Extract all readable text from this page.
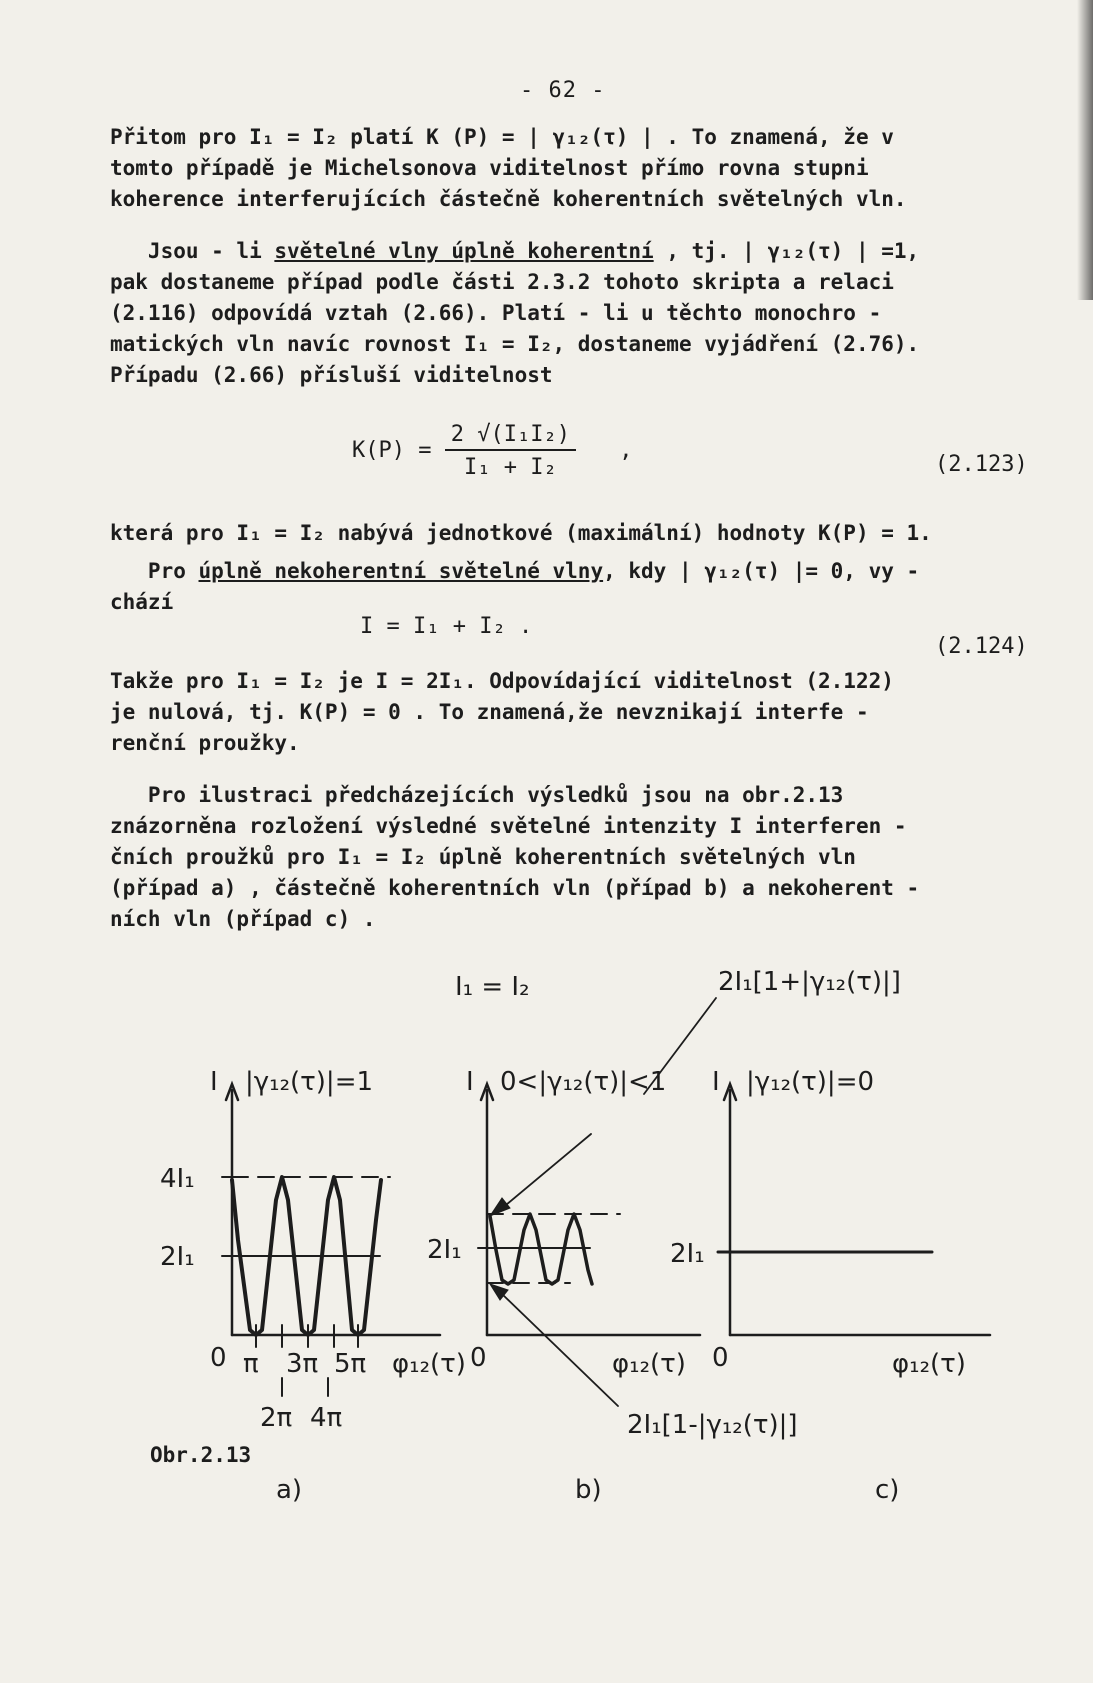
- 62 -
Přitom pro I₁ = I₂ platí K (P) = | γ₁₂(τ) | . To znamená, že v
tomto případě je Michelsonova viditelnost přímo rovna stupni
koherence interferujících částečně koherentních světelných vln.
Jsou - li světelné vlny úplně koherentní , tj. | γ₁₂(τ) | =1,
pak dostaneme případ podle části 2.3.2 tohoto skripta a relaci
(2.116) odpovídá vztah (2.66). Platí - li u těchto monochro -
matických vln navíc rovnost I₁ = I₂, dostaneme vyjádření (2.76).
Případu (2.66) přísluší viditelnost
$K(P) = \frac{\text{2 √(I₁I₂)}}{\text{I₁ + I₂}}$ ,
(2.123)
která pro I₁ = I₂ nabývá jednotkové (maximální) hodnoty K(P) = 1.
Pro úplně nekoherentní světelné vlny, kdy | γ₁₂(τ) |= 0, vy -
chází
I = I₁ + I₂ .
(2.124)
Takže pro I₁ = I₂ je I = 2I₁. Odpovídající viditelnost (2.122)
je nulová, tj. K(P) = 0 . To znamená,že nevznikají interfe -
renční proužky.
Pro ilustraci předcházejících výsledků jsou na obr.2.13
znázorněna rozložení výsledné světelné intenzity I interferen -
čních proužků pro I₁ = I₂ úplně koherentních světelných vln
(případ a) , částečně koherentních vln (případ b) a nekoherent -
ních vln (případ c) .
I₁ = I₂	2I₁[1+|γ₁₂(τ)|]
2I₁[1-|γ₁₂(τ)|]
I |γ₁₂(τ)|=1
4I₁
2I₁
0 π 3π 5π
2π 4π
φ₁₂(τ)
I 0<|γ₁₂(τ)|<1
2I₁
0	φ₁₂(τ)
I |γ₁₂(τ)|=0
2I₁
0	φ₁₂(τ)
a)	b)	c)
Obr.2.13
